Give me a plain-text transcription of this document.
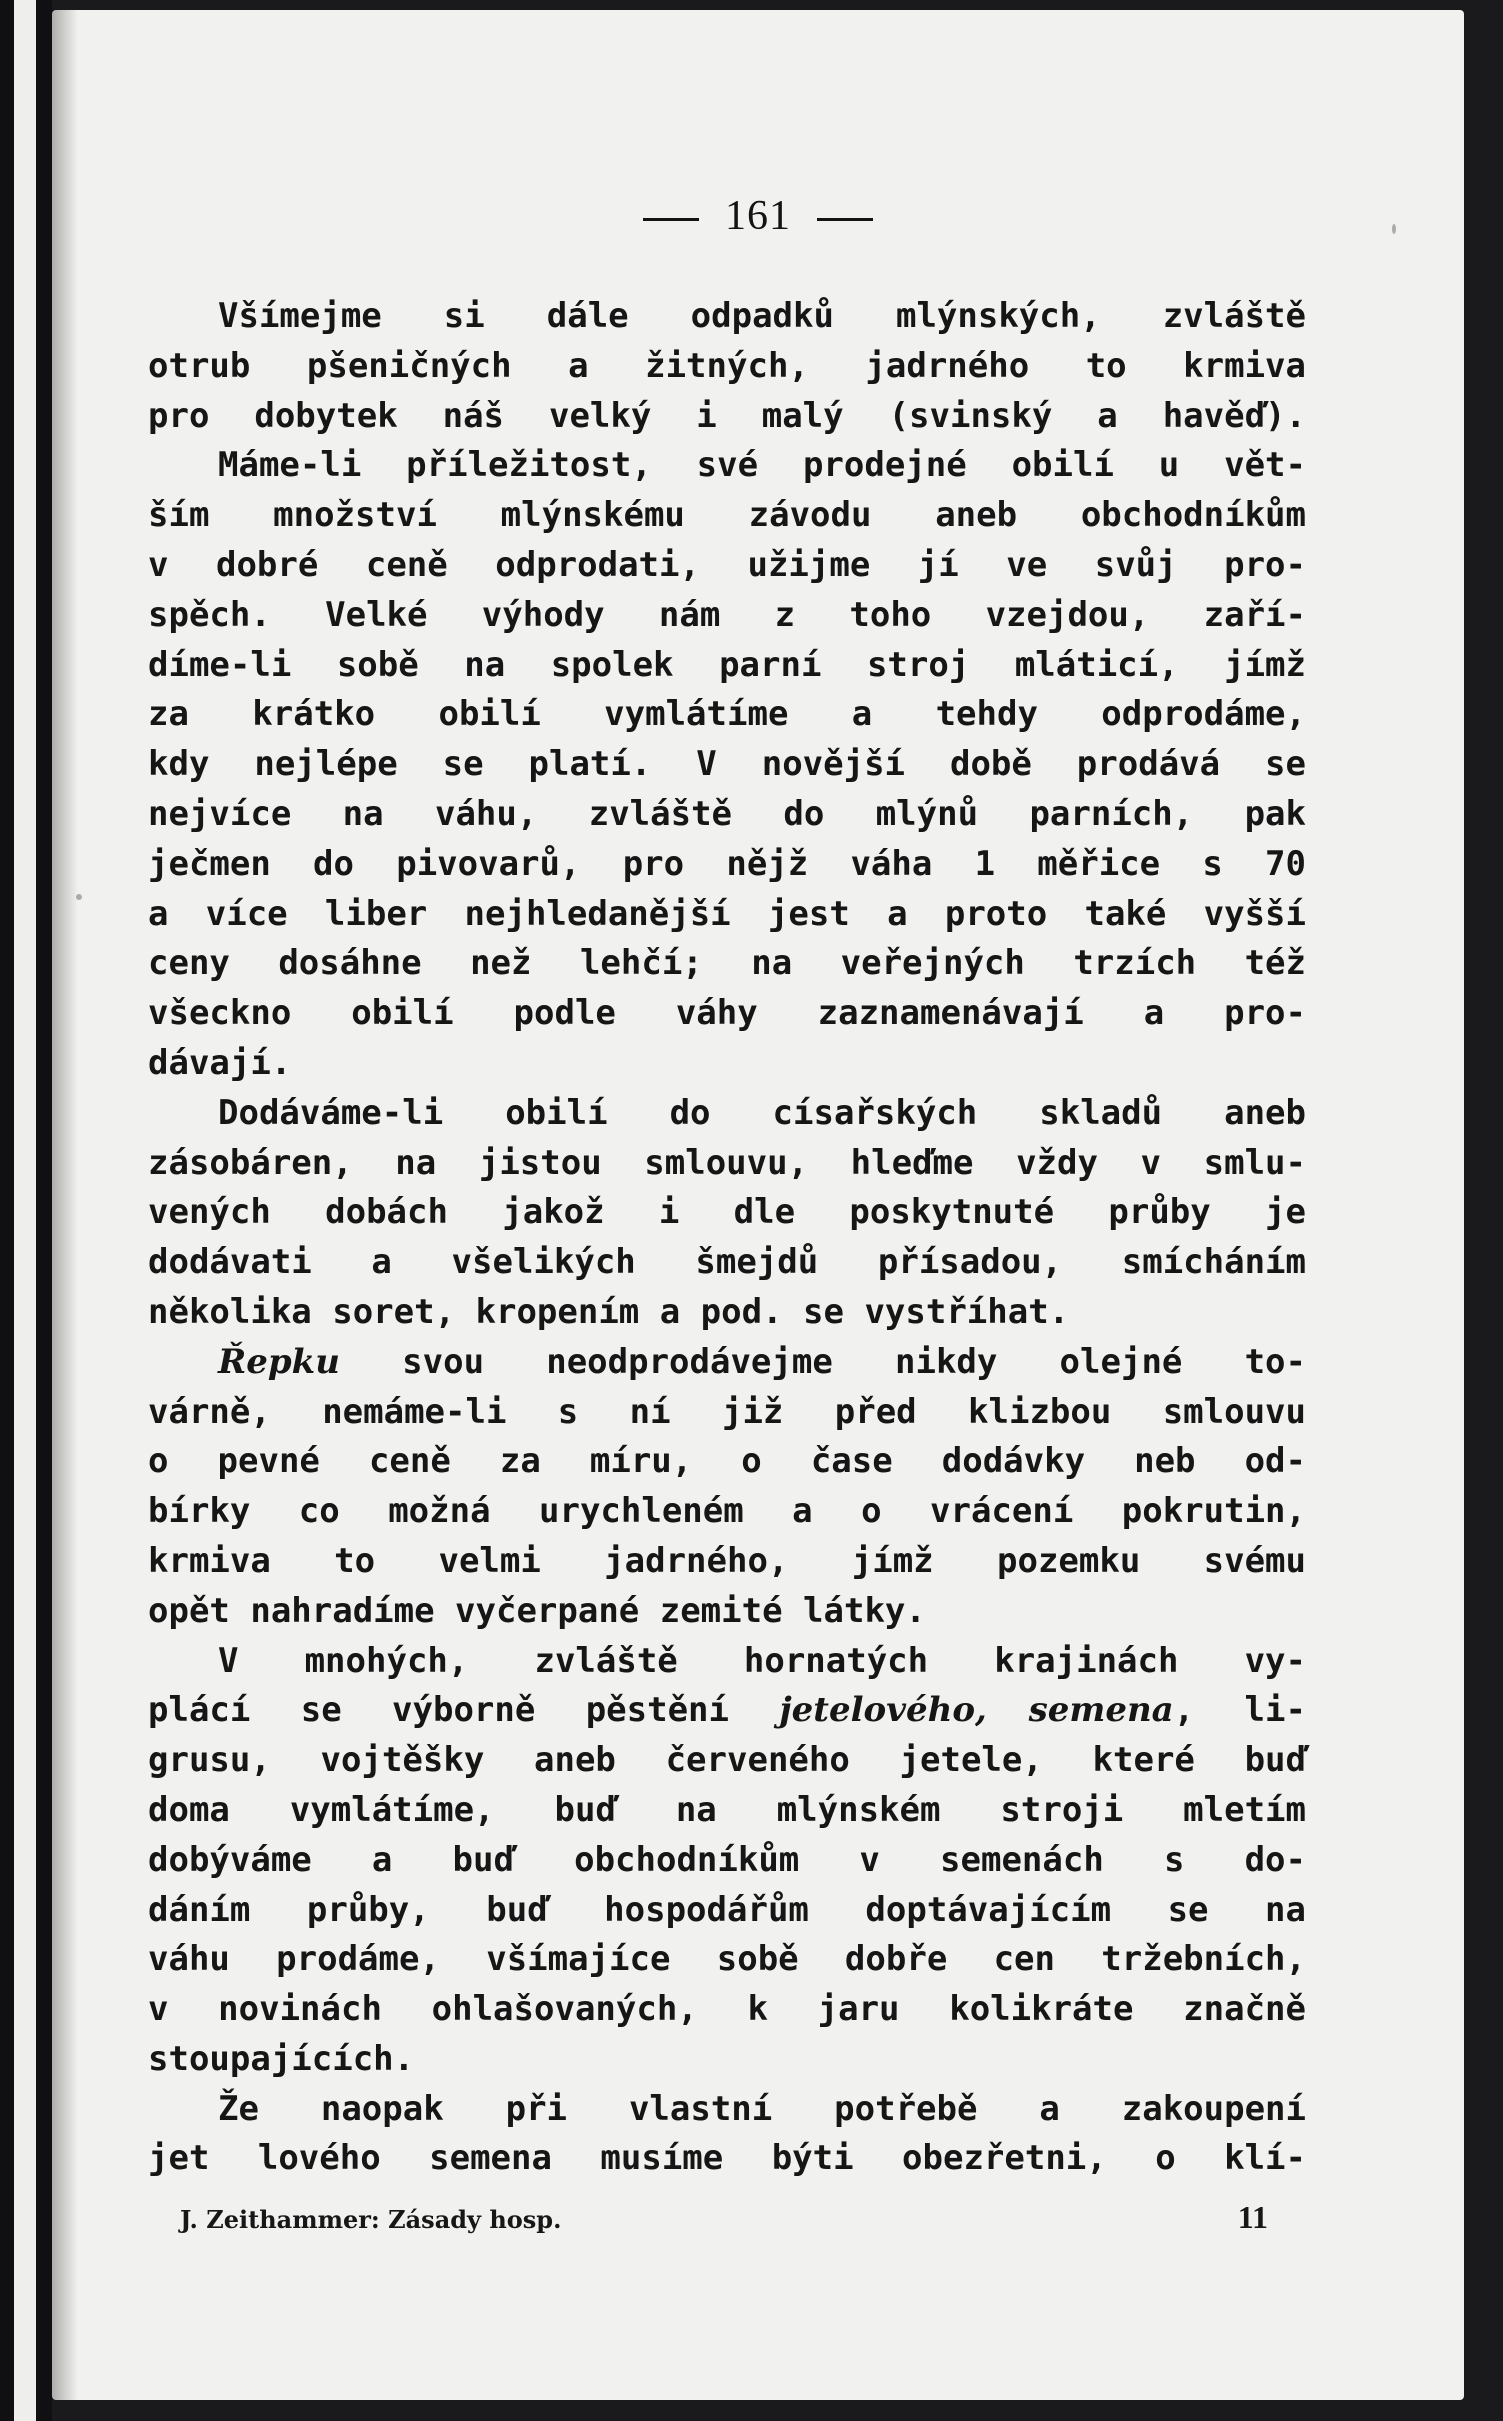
161
Všímejme si dále odpadků mlýnských, zvláště
otrub pšeničných a žitných, jadrného to krmiva
pro dobytek náš velký i malý (svinský a havěď).
Máme-li příležitost, své prodejné obilí u vět-
ším množství mlýnskému závodu aneb obchodníkům
v dobré ceně odprodati, užijme jí ve svůj pro-
spěch. Velké výhody nám z toho vzejdou, zaří-
díme-li sobě na spolek parní stroj mláticí, jímž
za krátko obilí vymlátíme a tehdy odprodáme,
kdy nejlépe se platí. V novější době prodává se
nejvíce na váhu, zvláště do mlýnů parních, pak
ječmen do pivovarů, pro nějž váha 1 měřice s 70
a více liber nejhledanější jest a proto také vyšší
ceny dosáhne než lehčí; na veřejných trzích též
všeckno obilí podle váhy zaznamenávají a pro-
dávají.
Dodáváme-li obilí do císařských skladů aneb
zásobáren, na jistou smlouvu, hleďme vždy v smlu-
vených dobách jakož i dle poskytnuté průby je
dodávati a všelikých šmejdů přísadou, smícháním
několika soret, kropením a pod. se vystříhat.
Řepku svou neodprodávejme nikdy olejné to-
várně, nemáme-li s ní již před klizbou smlouvu
o pevné ceně za míru, o čase dodávky neb od-
bírky co možná urychleném a o vrácení pokrutin,
krmiva to velmi jadrného, jímž pozemku svému
opět nahradíme vyčerpané zemité látky.
V mnohých, zvláště hornatých krajinách vy-
plácí se výborně pěstění jetelového, semena, li-
grusu, vojtěšky aneb červeného jetele, které buď
doma vymlátíme, buď na mlýnském stroji mletím
dobýváme a buď obchodníkům v semenách s do-
dáním průby, buď hospodářům doptávajícím se na
váhu prodáme, všímajíce sobě dobře cen tržebních,
v novinách ohlašovaných, k jaru kolikráte značně
stoupajících.
Že naopak při vlastní potřebě a zakoupení
jet lového semena musíme býti obezřetni, o klí-
J. Zeithammer: Zásady hosp.	11
